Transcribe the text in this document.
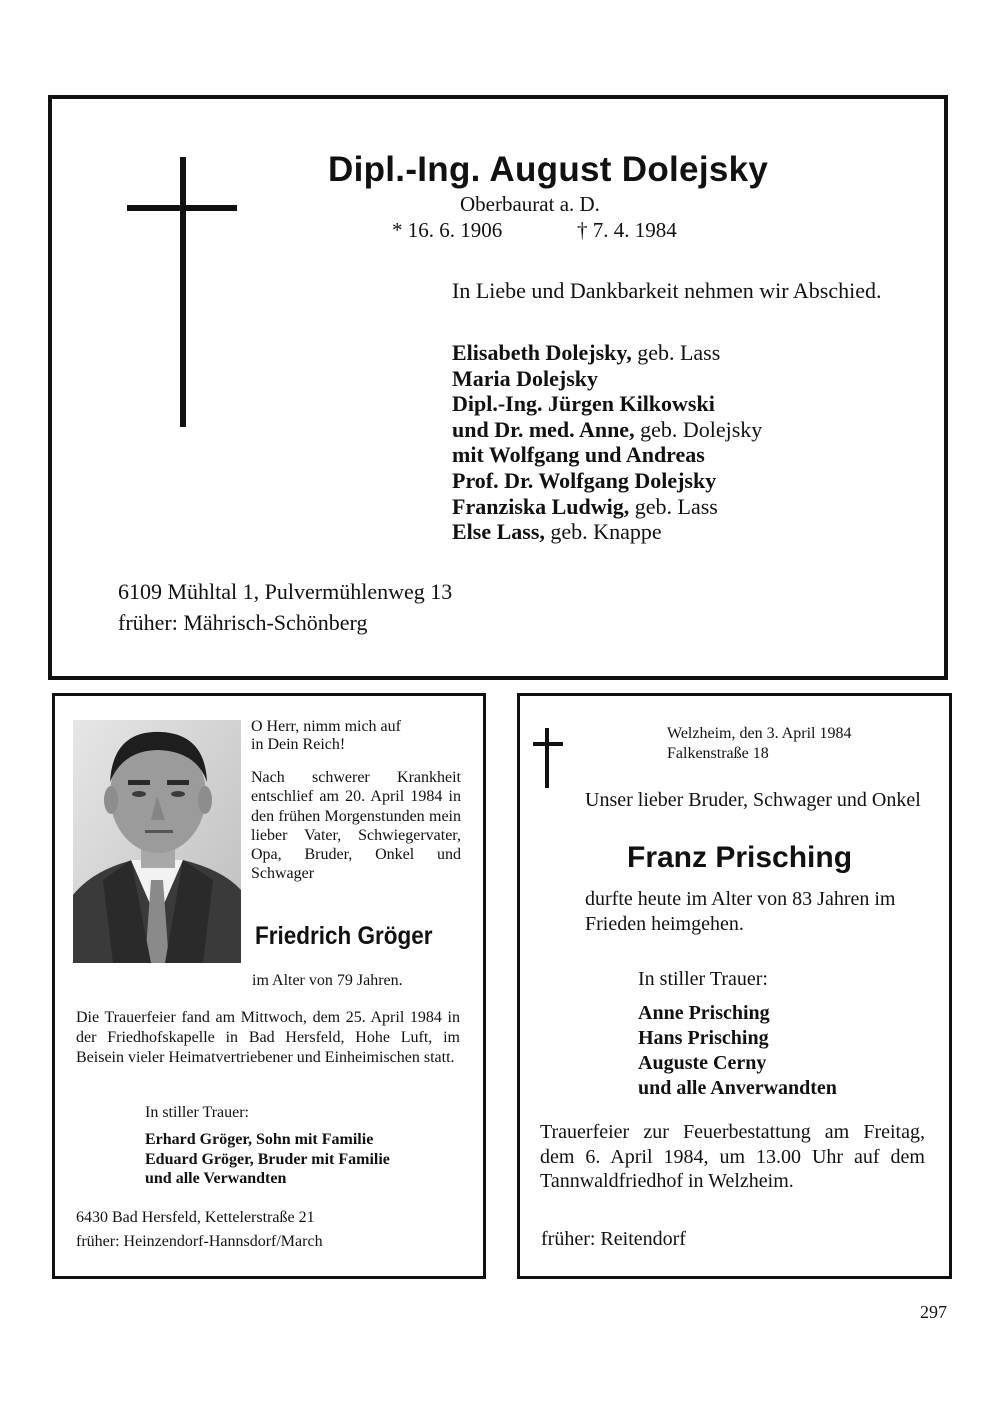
Dipl.-Ing. August Dolejsky
Oberbaurat a. D.
* 16. 6. 1906	† 7. 4. 1984
In Liebe und Dankbarkeit nehmen wir Abschied.
Elisabeth Dolejsky, geb. Lass
Maria Dolejsky
Dipl.-Ing. Jürgen Kilkowski
und Dr. med. Anne, geb. Dolejsky
mit Wolfgang und Andreas
Prof. Dr. Wolfgang Dolejsky
Franziska Ludwig, geb. Lass
Else Lass, geb. Knappe
6109 Mühltal 1, Pulvermühlenweg 13
früher: Mährisch-Schönberg
O Herr, nimm mich auf
in Dein Reich!
Nach schwerer Krankheit entschlief am 20. April 1984 in den frühen Morgenstunden mein lieber Vater, Schwiegervater, Opa, Bruder, Onkel und Schwager
Friedrich Gröger
im Alter von 79 Jahren.
Die Trauerfeier fand am Mittwoch, dem 25. April 1984 in der Friedhofskapelle in Bad Hersfeld, Hohe Luft, im Beisein vieler Heimatvertriebener und Einheimischen statt.
In stiller Trauer:
Erhard Gröger, Sohn mit Familie
Eduard Gröger, Bruder mit Familie
und alle Verwandten
6430 Bad Hersfeld, Kettelerstraße 21
früher: Heinzendorf-Hannsdorf/March
Welzheim, den 3. April 1984
Falkenstraße 18
Unser lieber Bruder, Schwager und Onkel
Franz Prisching
durfte heute im Alter von 83 Jahren im Frieden heimgehen.
In stiller Trauer:
Anne Prisching
Hans Prisching
Auguste Cerny
und alle Anverwandten
Trauerfeier zur Feuerbestattung am Freitag, dem 6. April 1984, um 13.00 Uhr auf dem Tannwaldfriedhof in Welzheim.
früher: Reitendorf
297
